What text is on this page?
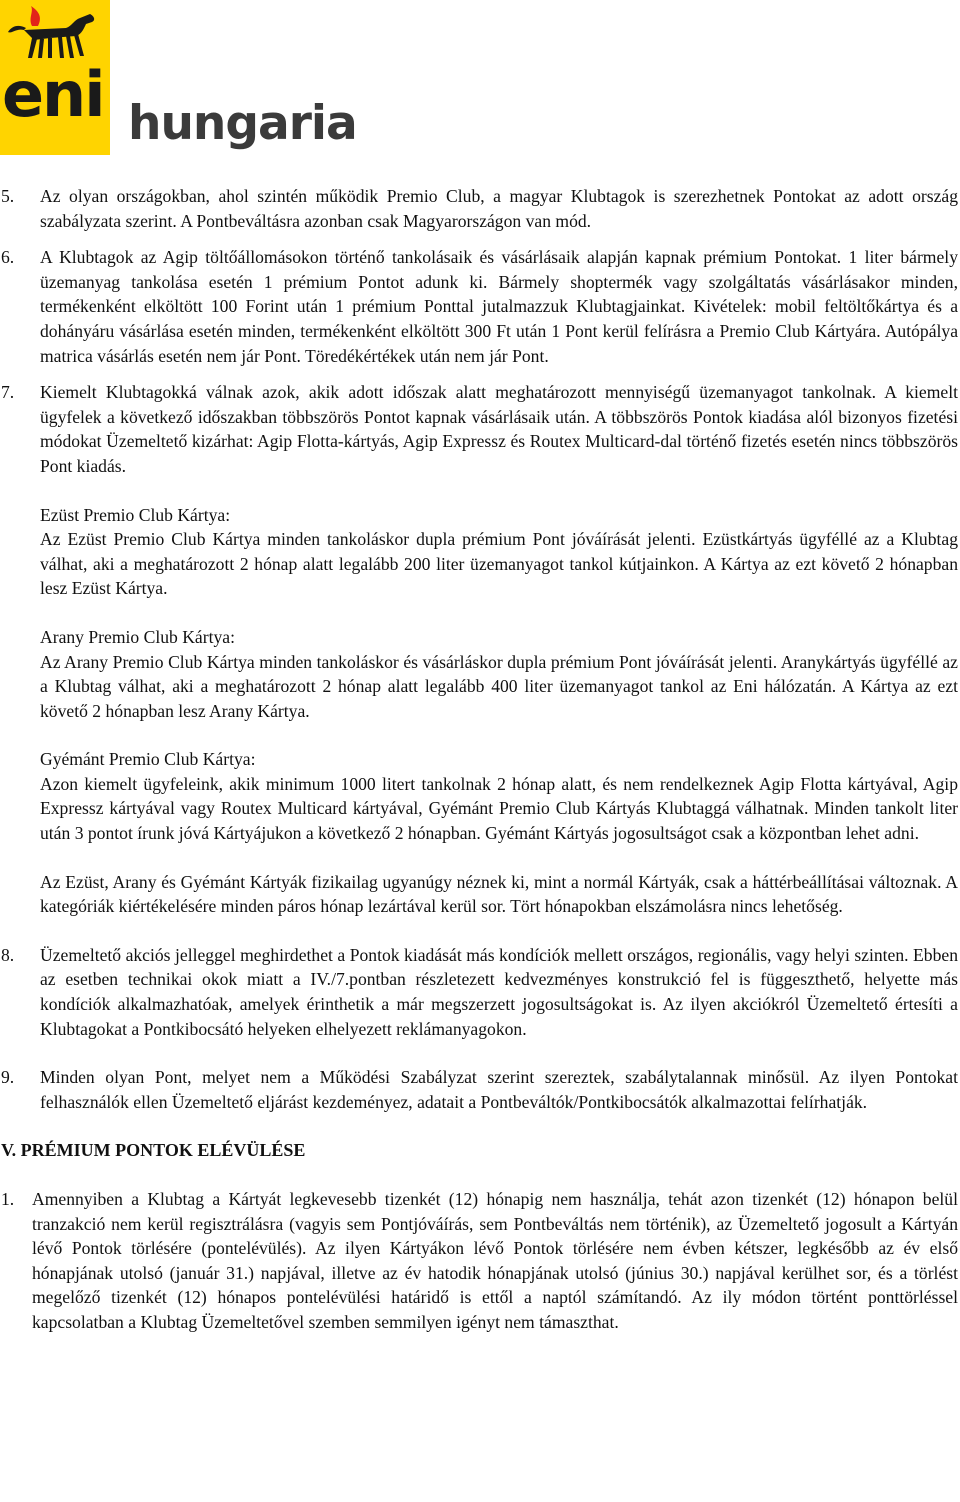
eni hungaria
5.	Az olyan országokban, ahol szintén működik Premio Club, a magyar Klubtagok is szerezhetnek Pontokat az adott ország szabályzata szerint. A Pontbeváltásra azonban csak Magyarországon van mód.
6.	A Klubtagok az Agip töltőállomásokon történő tankolásaik és vásárlásaik alapján kapnak prémium Pontokat. 1 liter bármely üzemanyag tankolása esetén 1 prémium Pontot adunk ki. Bármely shoptermék vagy szolgáltatás vásárlásakor minden, termékenként elköltött 100 Forint után 1 prémium Ponttal jutalmazzuk Klubtagjainkat. Kivételek: mobil feltöltőkártya és a dohányáru vásárlása esetén minden, termékenként elköltött 300 Ft után 1 Pont kerül felírásra a Premio Club Kártyára. Autópálya matrica vásárlás esetén nem jár Pont. Töredékértékek után nem jár Pont.
7.	Kiemelt Klubtagokká válnak azok, akik adott időszak alatt meghatározott mennyiségű üzemanyagot tankolnak. A kiemelt ügyfelek a következő időszakban többszörös Pontot kapnak vásárlásaik után. A többszörös Pontok kiadása alól bizonyos fizetési módokat Üzemeltető kizárhat: Agip Flotta-kártyás, Agip Expressz és Routex Multicard-dal történő fizetés esetén nincs többszörös Pont kiadás.
Ezüst Premio Club Kártya:
Az Ezüst Premio Club Kártya minden tankoláskor dupla prémium Pont jóváírását jelenti. Ezüstkártyás ügyféllé az a Klubtag válhat, aki a meghatározott 2 hónap alatt legalább 200 liter üzemanyagot tankol kútjainkon. A Kártya az ezt követő 2 hónapban lesz Ezüst Kártya.
Arany Premio Club Kártya:
Az Arany Premio Club Kártya minden tankoláskor és vásárláskor dupla prémium Pont jóváírását jelenti. Aranykártyás ügyféllé az a Klubtag válhat, aki a meghatározott 2 hónap alatt legalább 400 liter üzemanyagot tankol az Eni hálózatán. A Kártya az ezt követő 2 hónapban lesz Arany Kártya.
Gyémánt Premio Club Kártya:
Azon kiemelt ügyfeleink, akik minimum 1000 litert tankolnak 2 hónap alatt, és nem rendelkeznek Agip Flotta kártyával, Agip Expressz kártyával vagy Routex Multicard kártyával, Gyémánt Premio Club Kártyás Klubtaggá válhatnak. Minden tankolt liter után 3 pontot írunk jóvá Kártyájukon a következő 2 hónapban. Gyémánt Kártyás jogosultságot csak a központban lehet adni.
Az Ezüst, Arany és Gyémánt Kártyák fizikailag ugyanúgy néznek ki, mint a normál Kártyák, csak a háttérbeállításai változnak. A kategóriák kiértékelésére minden páros hónap lezártával kerül sor. Tört hónapokban elszámolásra nincs lehetőség.
8.	Üzemeltető akciós jelleggel meghirdethet a Pontok kiadását más kondíciók mellett országos, regionális, vagy helyi szinten. Ebben az esetben technikai okok miatt a IV./7.pontban részletezett kedvezményes konstrukció fel is függeszthető, helyette más kondíciók alkalmazhatóak, amelyek érinthetik a már megszerzett jogosultságokat is. Az ilyen akciókról Üzemeltető értesíti a Klubtagokat a Pontkibocsátó helyeken elhelyezett reklámanyagokon.
9.	Minden olyan Pont, melyet nem a Működési Szabályzat szerint szereztek, szabálytalannak minősül. Az ilyen Pontokat felhasználók ellen Üzemeltető eljárást kezdeményez, adatait a Pontbeváltók/Pontkibocsátók alkalmazottai felírhatják.
V. PRÉMIUM PONTOK ELÉVÜLÉSE
1.	Amennyiben a Klubtag a Kártyát legkevesebb tizenkét (12) hónapig nem használja, tehát azon tizenkét (12) hónapon belül tranzakció nem kerül regisztrálásra (vagyis sem Pontjóváírás, sem Pontbeváltás nem történik), az Üzemeltető jogosult a Kártyán lévő Pontok törlésére (pontelévülés). Az ilyen Kártyákon lévő Pontok törlésére nem évben kétszer, legkésőbb az év első hónapjának utolsó (január 31.) napjával, illetve az év hatodik hónapjának utolsó (június 30.) napjával kerülhet sor, és a törlést megelőző tizenkét (12) hónapos pontelévülési határidő is ettől a naptól számítandó. Az ily módon történt ponttörléssel kapcsolatban a Klubtag Üzemeltetővel szemben semmilyen igényt nem támaszthat.
